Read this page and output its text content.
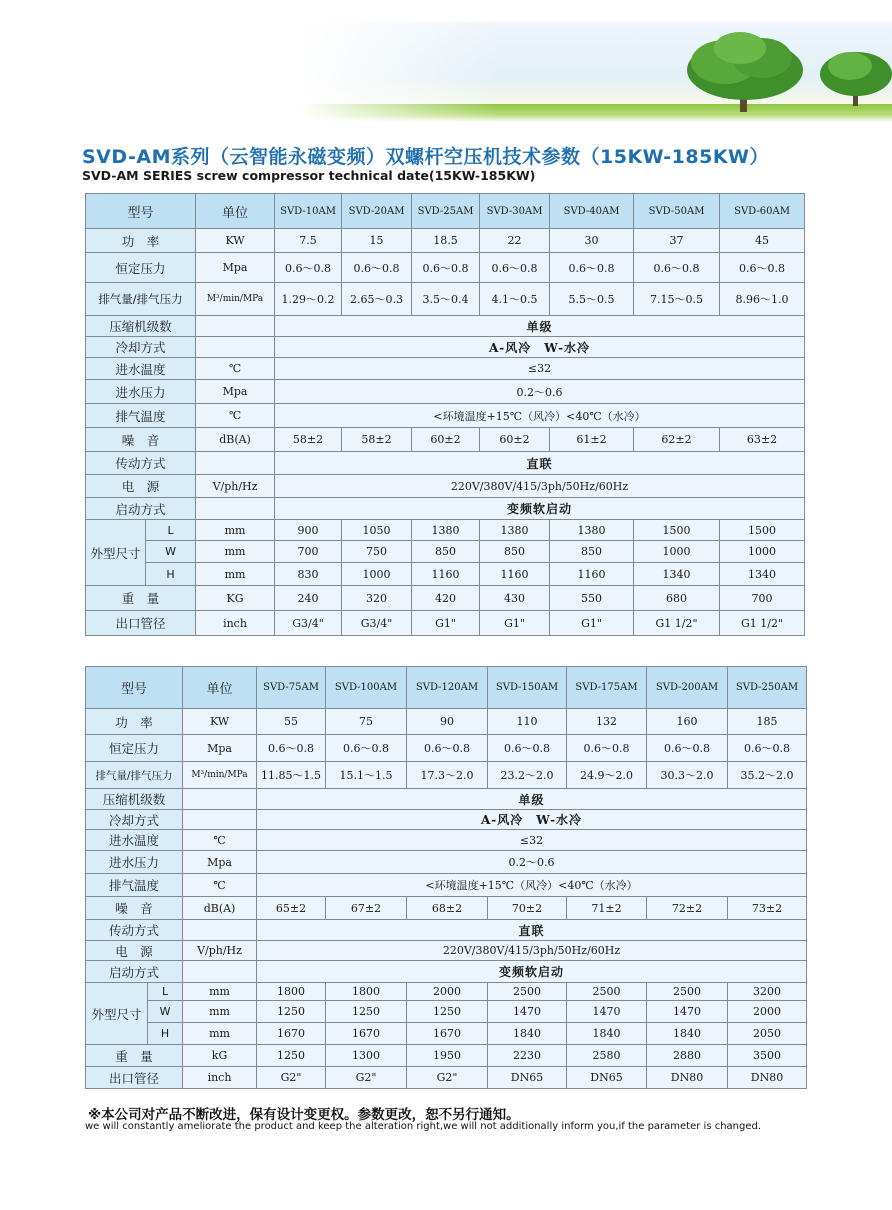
SVD-AM系列（云智能永磁变频）双螺杆空压机技术参数（15KW-185KW）
SVD-AM SERIES screw compressor technical date(15KW-185KW)
型号		单位	SVD-10AM	SVD-20AM	SVD-25AM	SVD-30AM	SVD-40AM	SVD-50AM	SVD-60AM
功　率		KW	7.5	15	18.5	22	30	37	45
恒定压力		Mpa	0.6～0.8	0.6～0.8	0.6～0.8	0.6～0.8	0.6～0.8	0.6～0.8	0.6～0.8
排气量/排气压力		M³/min/MPa	1.29～0.2	2.65～0.3	3.5～0.4	4.1～0.5	5.5～0.5	7.15～0.5	8.96～1.0
压缩机级数			单级						
冷却方式			A-风冷　W-水冷						
进水温度		℃	≤32						
进水压力		Mpa	0.2～0.6						
排气温度		℃	<环境温度+15℃（风冷）<40℃（水冷）						
噪　音		dB(A)	58±2	58±2	60±2	60±2	61±2	62±2	63±2
传动方式			直联						
电　源		V/ph/Hz	220V/380V/415/3ph/50Hz/60Hz						
启动方式			变频软启动						
外型尺寸	L	mm	900	1050	1380	1380	1380	1500	1500
	W	mm	700	750	850	850	850	1000	1000
	H	mm	830	1000	1160	1160	1160	1340	1340
重　量		KG	240	320	420	430	550	680	700
出口管径		inch	G3/4"	G3/4"	G1"	G1"	G1"	G1 1/2"	G1 1/2"
型号		单位	SVD-75AM	SVD-100AM	SVD-120AM	SVD-150AM	SVD-175AM	SVD-200AM	SVD-250AM
功　率		KW	55	75	90	110	132	160	185
恒定压力		Mpa	0.6～0.8	0.6～0.8	0.6～0.8	0.6～0.8	0.6～0.8	0.6～0.8	0.6～0.8
排气量/排气压力		M³/min/MPa	11.85～1.5	15.1～1.5	17.3～2.0	23.2～2.0	24.9～2.0	30.3～2.0	35.2～2.0
压缩机级数			单级						
冷却方式			A-风冷　W-水冷						
进水温度		℃	≤32						
进水压力		Mpa	0.2～0.6						
排气温度		℃	<环境温度+15℃（风冷）<40℃（水冷）						
噪　音		dB(A)	65±2	67±2	68±2	70±2	71±2	72±2	73±2
传动方式			直联						
电　源		V/ph/Hz	220V/380V/415/3ph/50Hz/60Hz						
启动方式			变频软启动						
外型尺寸	L	mm	1800	1800	2000	2500	2500	2500	3200
	W	mm	1250	1250	1250	1470	1470	1470	2000
	H	mm	1670	1670	1670	1840	1840	1840	2050
重　量		kG	1250	1300	1950	2230	2580	2880	3500
出口管径		inch	G2"	G2"	G2"	DN65	DN65	DN80	DN80
※本公司对产品不断改进，保有设计变更权。参数更改，恕不另行通知。
we will constantly ameliorate the product and keep the alteration right,we will not additionally inform you,if the parameter is changed.
